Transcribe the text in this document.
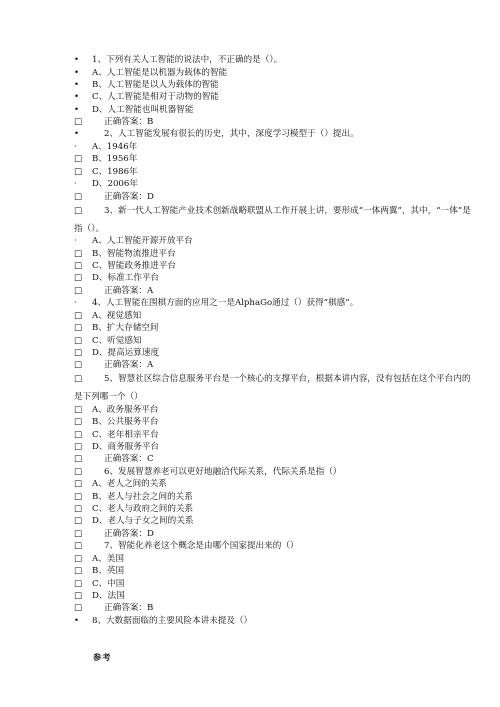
• 1、下列有关人工智能的说法中，不正确的是（）。
• A、人工智能是以机器为载体的智能
• B、人工智能是以人为载体的智能
• C、人工智能是相对于动物的智能
• D、人工智能也叫机器智能
□	正确答案：B
•	2、人工智能发展有很长的历史，其中，深度学习模型于（）提出。
· A、1946年
□ B、1956年
□ C、1986年
· D、2006年
□	正确答案：D
□	3、新一代人工智能产业技术创新战略联盟从工作开展上讲，要形成“一体两翼”，其中，“一体”是
指（）。
· A、人工智能开源开放平台
□ B、智能物流推进平台
□ C、智能政务推进平台
□ D、标准工作平台
□	正确答案：A
· 4、人工智能在围棋方面的应用之一是AlphaGo通过（）获得“棋感”。
□ A、视觉感知
□ B、扩大存储空间
□ C、听觉感知
□ D、提高运算速度
□	正确答案：A
□	5、智慧社区综合信息服务平台是一个核心的支撑平台，根据本讲内容，没有包括在这个平台内的
是下列哪一个（）
□ A、政务服务平台
□ B、公共服务平台
□ C、老年相亲平台
□ D、商务服务平台
□	正确答案：C
□	6、发展智慧养老可以更好地融洽代际关系，代际关系是指（）
□ A、老人之间的关系
□ B、老人与社会之间的关系
□ C、老人与政府之间的关系
□ D、老人与子女之间的关系
□	正确答案：D
□	7、智能化养老这个概念是由哪个国家提出来的（）
□ A、美国
□ B、英国
□ C、中国
□ D、法国
□	正确答案：B
• 8、大数据面临的主要风险本讲未提及（）
参考
